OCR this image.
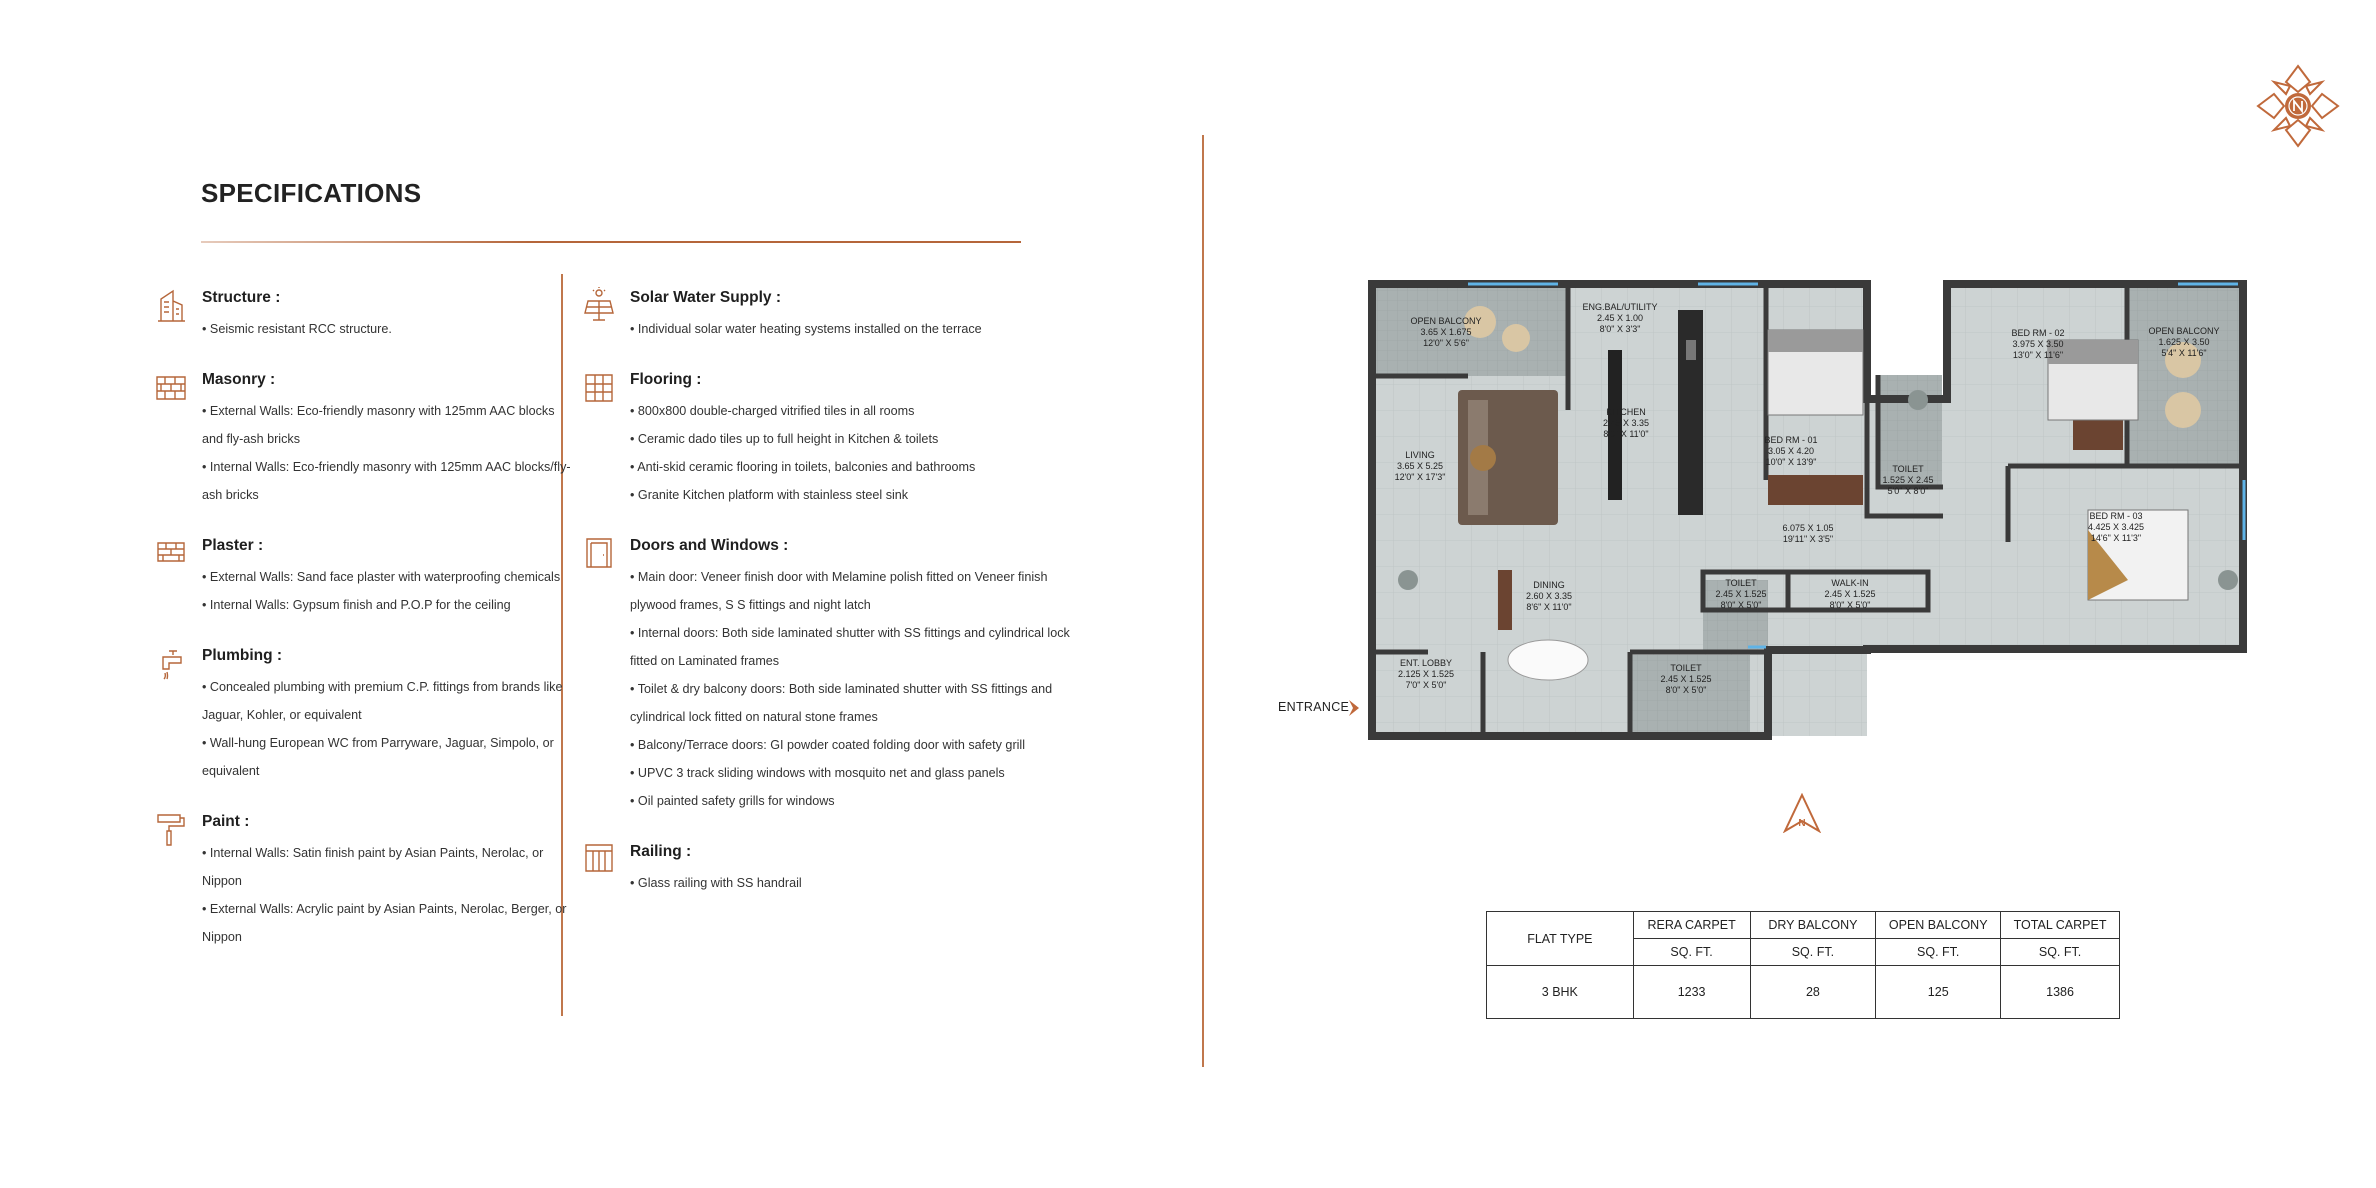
SPECIFICATIONS
Structure :
• Seismic resistant RCC structure.
Masonry :
• External Walls: Eco-friendly masonry with 125mm AAC blocks and fly-ash bricks
• Internal Walls: Eco-friendly masonry with 125mm AAC blocks/fly-ash bricks
Plaster :
• External Walls: Sand face plaster with waterproofing chemicals
• Internal Walls: Gypsum finish and P.O.P for the ceiling
Plumbing :
• Concealed plumbing with premium C.P. fittings from brands like Jaguar, Kohler, or equivalent
• Wall-hung European WC from Parryware, Jaguar, Simpolo, or equivalent
Paint :
• Internal Walls: Satin finish paint by Asian Paints, Nerolac, or Nippon
• External Walls: Acrylic paint by Asian Paints, Nerolac, Berger, or Nippon
Solar Water Supply :
• Individual solar water heating systems installed on the terrace
Flooring :
• 800x800 double-charged vitrified tiles in all rooms
• Ceramic dado tiles up to full height in Kitchen & toilets
• Anti-skid ceramic flooring in toilets, balconies and bathrooms
• Granite Kitchen platform with stainless steel sink
Doors and Windows :
• Main door: Veneer finish door with Melamine polish fitted on Veneer finish plywood frames, S S fittings and night latch
• Internal doors: Both side laminated shutter with SS fittings and cylindrical lock fitted on Laminated frames
• Toilet & dry balcony doors: Both side laminated shutter with SS fittings and cylindrical lock fitted on natural stone frames
• Balcony/Terrace doors: GI powder coated folding door with safety grill
• UPVC 3 track sliding windows with mosquito net and glass panels
• Oil painted safety grills for windows
Railing :
• Glass railing with SS handrail
OPEN BALCONY
3.65 X 1.675
12'0" X 5'6"
ENG.BAL/UTILITY
2.45 X 1.00
8'0" X 3'3"
KITCHEN
2.45 X 3.35
8'0" X 11'0"
BED RM - 01
3.05 X 4.20
10'0" X 13'9"
TOILET
1.525 X 2.45
5'0" X 8'0"
BED RM - 02
3.975 X 3.50
13'0" X 11'6"
OPEN BALCONY
1.625 X 3.50
5'4" X 11'6"
LIVING
3.65 X 5.25
12'0" X 17'3"
6.075 X 1.05
19'11" X 3'5"
BED RM - 03
4.425 X 3.425
14'6" X 11'3"
DINING
2.60 X 3.35
8'6" X 11'0"
TOILET
2.45 X 1.525
8'0" X 5'0"
WALK-IN
2.45 X 1.525
8'0" X 5'0"
ENT. LOBBY
2.125 X 1.525
7'0" X 5'0"
TOILET
2.45 X 1.525
8'0" X 5'0"
ENTRANCE
N
FLAT TYPE	RERA CARPET	DRY BALCONY	OPEN BALCONY	TOTAL CARPET
	SQ. FT.	SQ. FT.	SQ. FT.	SQ. FT.
3 BHK	1233	28	125	1386
